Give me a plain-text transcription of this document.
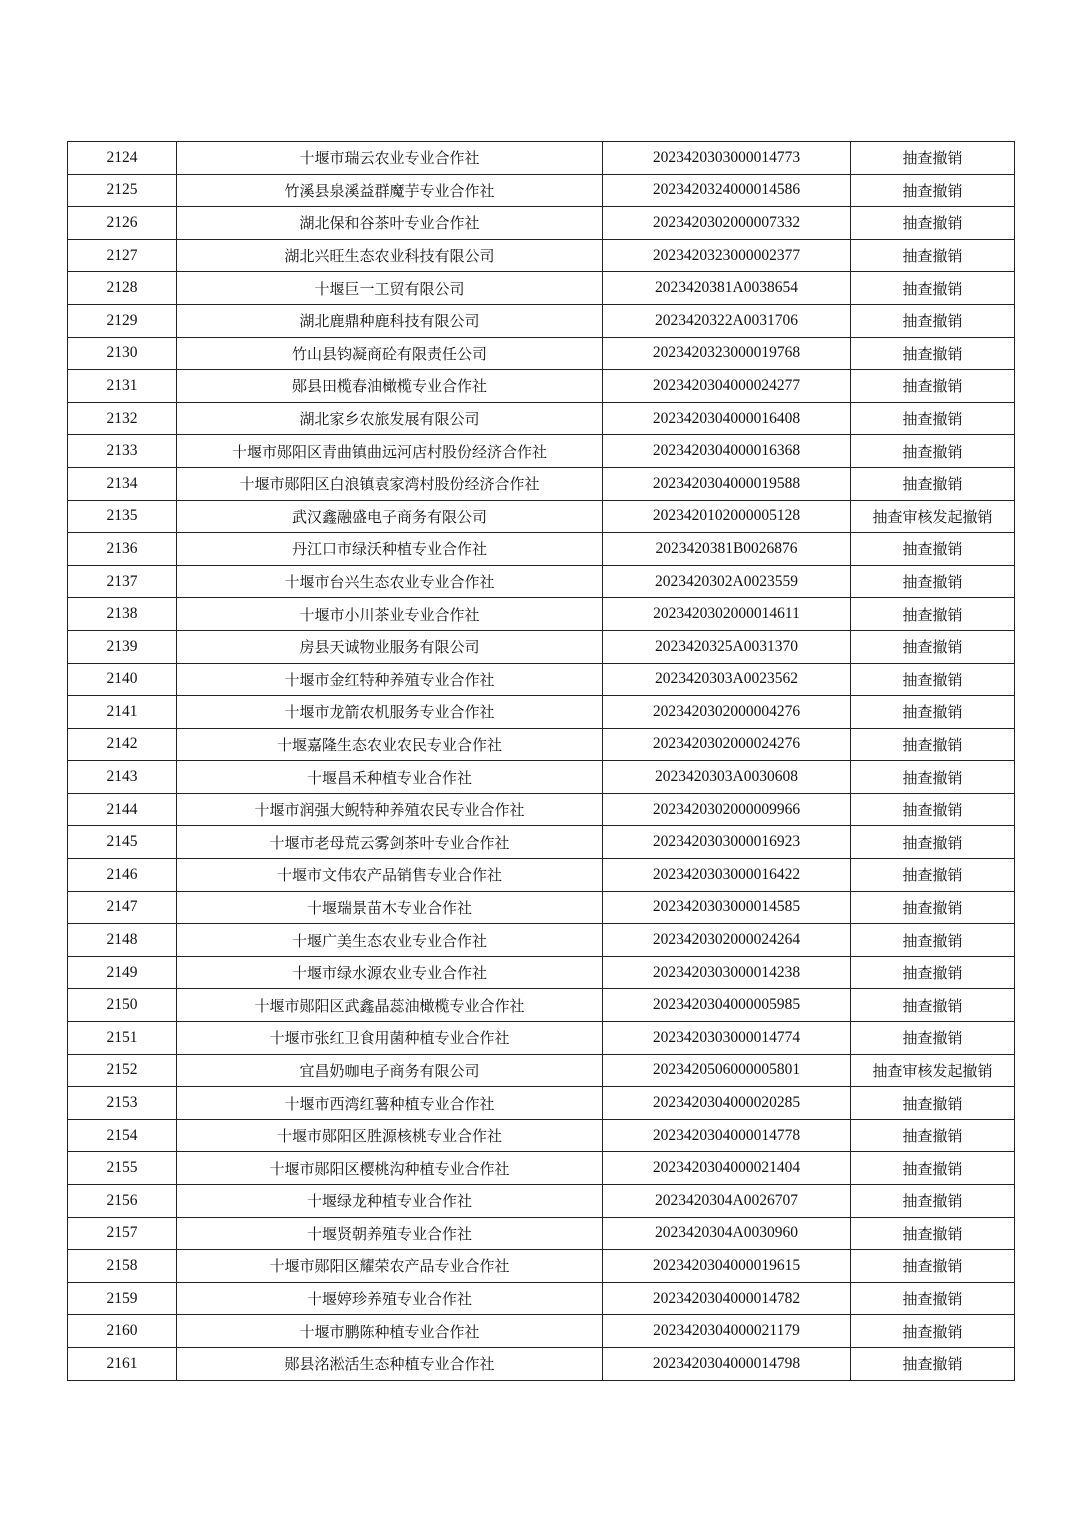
2124	十堰市瑞云农业专业合作社	2023420303000014773	抽查撤销
2125	竹溪县泉溪益群魔芋专业合作社	2023420324000014586	抽查撤销
2126	湖北保和谷茶叶专业合作社	2023420302000007332	抽查撤销
2127	湖北兴旺生态农业科技有限公司	2023420323000002377	抽查撤销
2128	十堰巨一工贸有限公司	2023420381A0038654	抽查撤销
2129	湖北鹿鼎种鹿科技有限公司	2023420322A0031706	抽查撤销
2130	竹山县钧凝商砼有限责任公司	2023420323000019768	抽查撤销
2131	郧县田榄春油橄榄专业合作社	2023420304000024277	抽查撤销
2132	湖北家乡农旅发展有限公司	2023420304000016408	抽查撤销
2133	十堰市郧阳区青曲镇曲远河店村股份经济合作社	2023420304000016368	抽查撤销
2134	十堰市郧阳区白浪镇袁家湾村股份经济合作社	2023420304000019588	抽查撤销
2135	武汉鑫融盛电子商务有限公司	2023420102000005128	抽查审核发起撤销
2136	丹江口市绿沃种植专业合作社	2023420381B0026876	抽查撤销
2137	十堰市台兴生态农业专业合作社	2023420302A0023559	抽查撤销
2138	十堰市小川茶业专业合作社	2023420302000014611	抽查撤销
2139	房县天诚物业服务有限公司	2023420325A0031370	抽查撤销
2140	十堰市金红特种养殖专业合作社	2023420303A0023562	抽查撤销
2141	十堰市龙箭农机服务专业合作社	2023420302000004276	抽查撤销
2142	十堰嘉隆生态农业农民专业合作社	2023420302000024276	抽查撤销
2143	十堰昌禾种植专业合作社	2023420303A0030608	抽查撤销
2144	十堰市润强大鲵特种养殖农民专业合作社	2023420302000009966	抽查撤销
2145	十堰市老母荒云雾剑茶叶专业合作社	2023420303000016923	抽查撤销
2146	十堰市文伟农产品销售专业合作社	2023420303000016422	抽查撤销
2147	十堰瑞景苗木专业合作社	2023420303000014585	抽查撤销
2148	十堰广美生态农业专业合作社	2023420302000024264	抽查撤销
2149	十堰市绿水源农业专业合作社	2023420303000014238	抽查撤销
2150	十堰市郧阳区武鑫晶蕊油橄榄专业合作社	2023420304000005985	抽查撤销
2151	十堰市张红卫食用菌种植专业合作社	2023420303000014774	抽查撤销
2152	宜昌奶咖电子商务有限公司	2023420506000005801	抽查审核发起撤销
2153	十堰市西湾红薯种植专业合作社	2023420304000020285	抽查撤销
2154	十堰市郧阳区胜源核桃专业合作社	2023420304000014778	抽查撤销
2155	十堰市郧阳区樱桃沟种植专业合作社	2023420304000021404	抽查撤销
2156	十堰绿龙种植专业合作社	2023420304A0026707	抽查撤销
2157	十堰贤朝养殖专业合作社	2023420304A0030960	抽查撤销
2158	十堰市郧阳区耀荣农产品专业合作社	2023420304000019615	抽查撤销
2159	十堰婷珍养殖专业合作社	2023420304000014782	抽查撤销
2160	十堰市鹏陈种植专业合作社	2023420304000021179	抽查撤销
2161	郧县洺淞活生态种植专业合作社	2023420304000014798	抽查撤销
